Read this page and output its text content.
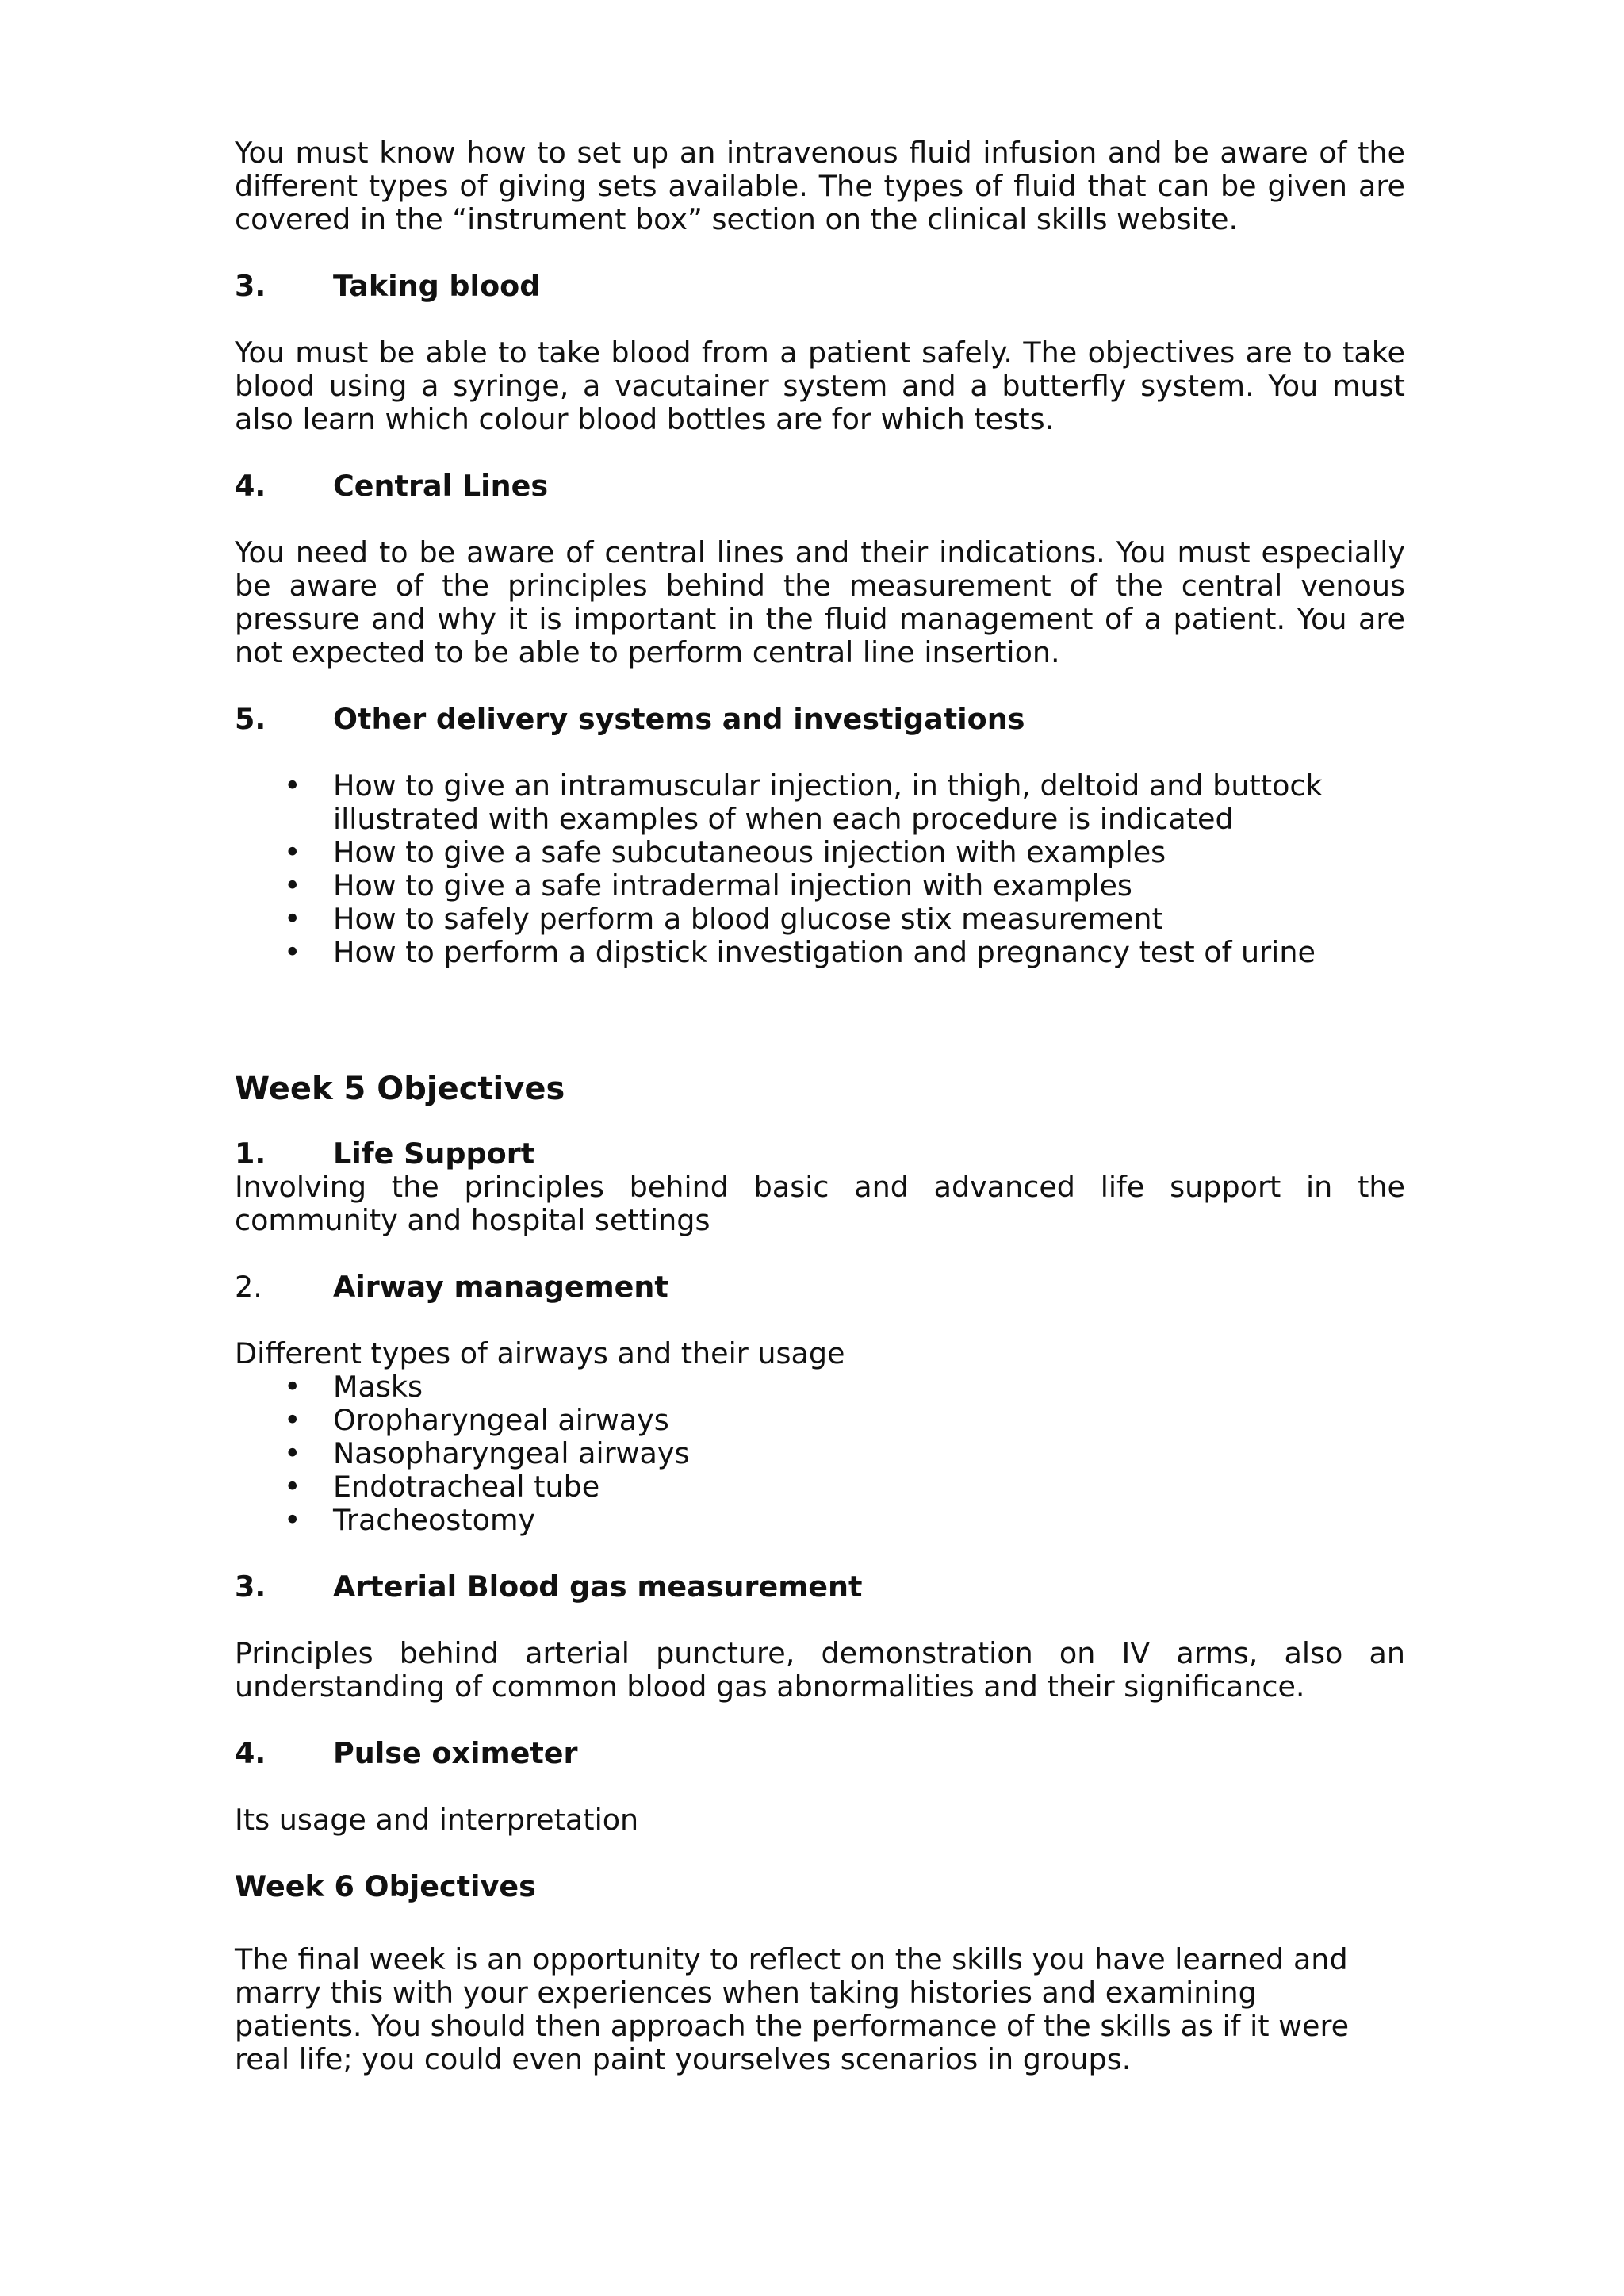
You must know how to set up an intravenous fluid infusion and be aware of the different types of giving sets available. The types of fluid that can be given are covered in the “instrument box” section on the clinical skills website.

3.	Taking blood

You must be able to take blood from a patient safely. The objectives are to take blood using a syringe, a vacutainer system and a butterfly system. You must also learn which colour blood bottles are for which tests.

4.	Central Lines

You need to be aware of central lines and their indications. You must especially be aware of the principles behind the measurement of the central venous pressure and why it is important in the fluid management of a patient. You are not expected to be able to perform central line insertion.

5.	Other delivery systems and investigations
• How to give an intramuscular injection, in thigh, deltoid and buttock illustrated with examples of when each procedure is indicated
• How to give a safe subcutaneous injection with examples
• How to give a safe intradermal injection with examples
• How to safely perform a blood glucose stix measurement
• How to perform a dipstick investigation and pregnancy test of urine
Week 5 Objectives
1.	Life Support

Involving the principles behind basic and advanced life support in the community and hospital settings

2.	Airway management

Different types of airways and their usage

• Masks
• Oropharyngeal airways
• Nasopharyngeal airways
• Endotracheal tube
• Tracheostomy
3.	Arterial Blood gas measurement

Principles behind arterial puncture, demonstration on IV arms, also an understanding of common blood gas abnormalities and their significance.

4.	Pulse oximeter

Its usage and interpretation

Week 6 Objectives

The final week is an opportunity to reflect on the skills you have learned and marry this with your experiences when taking histories and examining patients. You should then approach the performance of the skills as if it were real life; you could even paint yourselves scenarios in groups.
